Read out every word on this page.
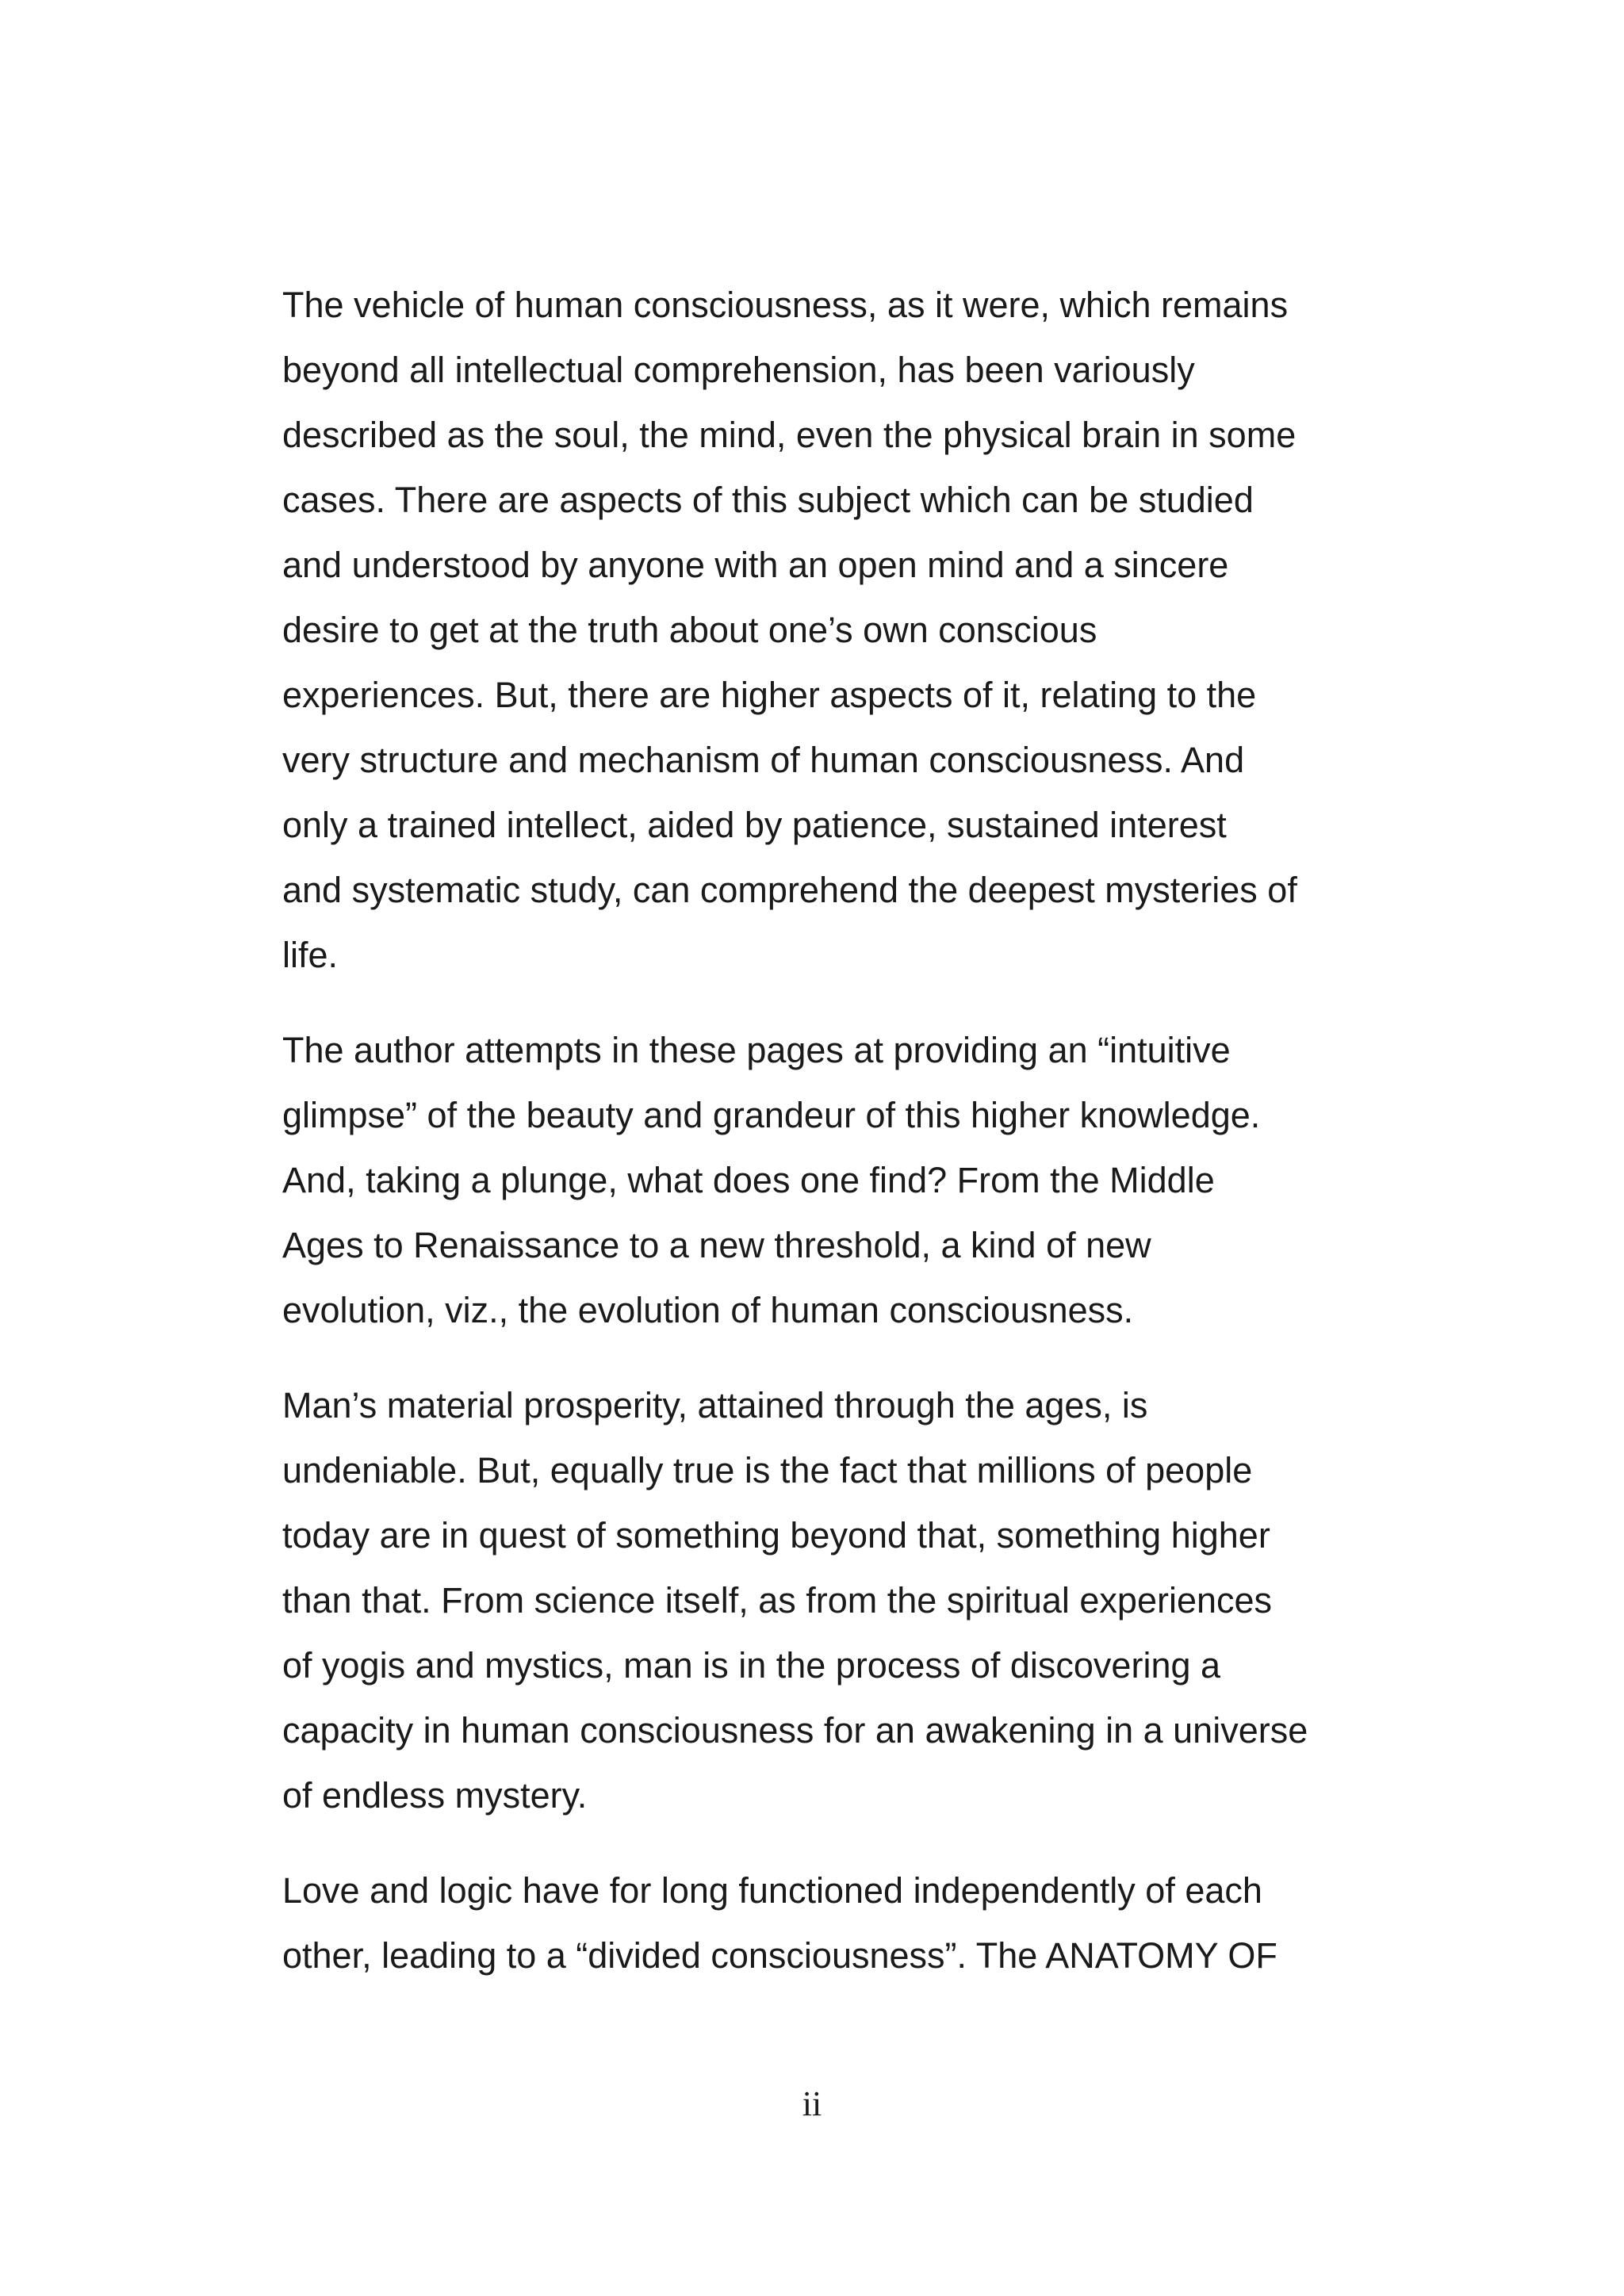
The vehicle of human consciousness, as it were, which remains
beyond all intellectual comprehension, has been variously
described as the soul, the mind, even the physical brain in some
cases. There are aspects of this subject which can be studied
and understood by anyone with an open mind and a sincere
desire to get at the truth about one’s own conscious
experiences. But, there are higher aspects of it, relating to the
very structure and mechanism of human consciousness. And
only a trained intellect, aided by patience, sustained interest
and systematic study, can comprehend the deepest mysteries of
life.

The author attempts in these pages at providing an “intuitive
glimpse” of the beauty and grandeur of this higher knowledge.
And, taking a plunge, what does one find? From the Middle
Ages to Renaissance to a new threshold, a kind of new
evolution, viz., the evolution of human consciousness.

Man’s material prosperity, attained through the ages, is
undeniable. But, equally true is the fact that millions of people
today are in quest of something beyond that, something higher
than that. From science itself, as from the spiritual experiences
of yogis and mystics, man is in the process of discovering a
capacity in human consciousness for an awakening in a universe
of endless mystery.

Love and logic have for long functioned independently of each
other, leading to a “divided consciousness”. The ANATOMY OF

ii
